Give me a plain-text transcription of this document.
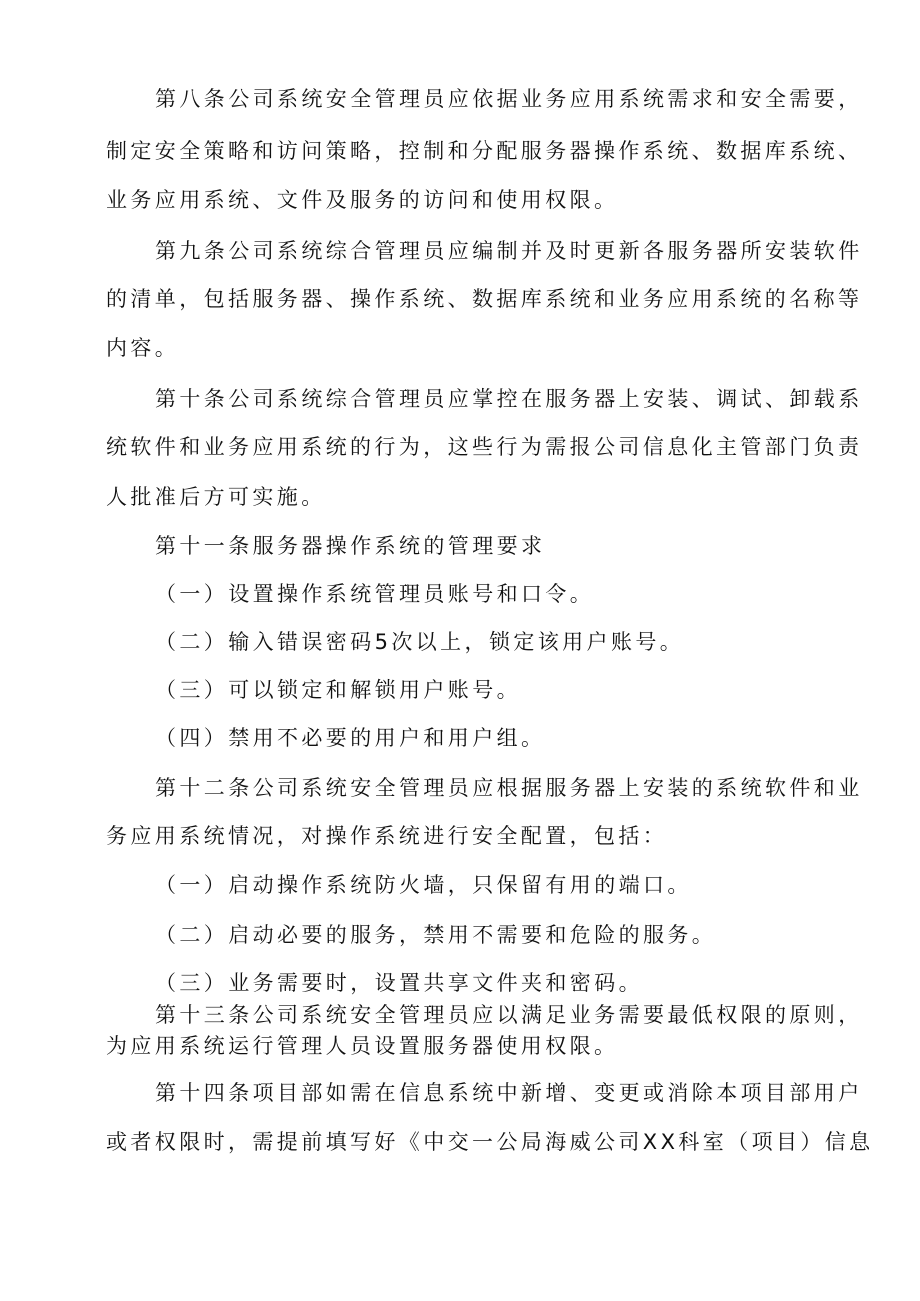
第八条公司系统安全管理员应依据业务应用系统需求和安全需要，
制定安全策略和访问策略，控制和分配服务器操作系统、数据库系统、
业务应用系统、文件及服务的访问和使用权限。
第九条公司系统综合管理员应编制并及时更新各服务器所安装软件
的清单，包括服务器、操作系统、数据库系统和业务应用系统的名称等
内容。
第十条公司系统综合管理员应掌控在服务器上安装、调试、卸载系
统软件和业务应用系统的行为，这些行为需报公司信息化主管部门负责
人批准后方可实施。
第十一条服务器操作系统的管理要求
（一）设置操作系统管理员账号和口令。
（二）输入错误密码5次以上，锁定该用户账号。
（三）可以锁定和解锁用户账号。
（四）禁用不必要的用户和用户组。
第十二条公司系统安全管理员应根据服务器上安装的系统软件和业
务应用系统情况，对操作系统进行安全配置，包括：
（一）启动操作系统防火墙，只保留有用的端口。
（二）启动必要的服务，禁用不需要和危险的服务。
（三）业务需要时，设置共享文件夹和密码。
第十三条公司系统安全管理员应以满足业务需要最低权限的原则，
为应用系统运行管理人员设置服务器使用权限。
第十四条项目部如需在信息系统中新增、变更或消除本项目部用户
或者权限时，需提前填写好《中交一公局海威公司XX科室（项目）信息
